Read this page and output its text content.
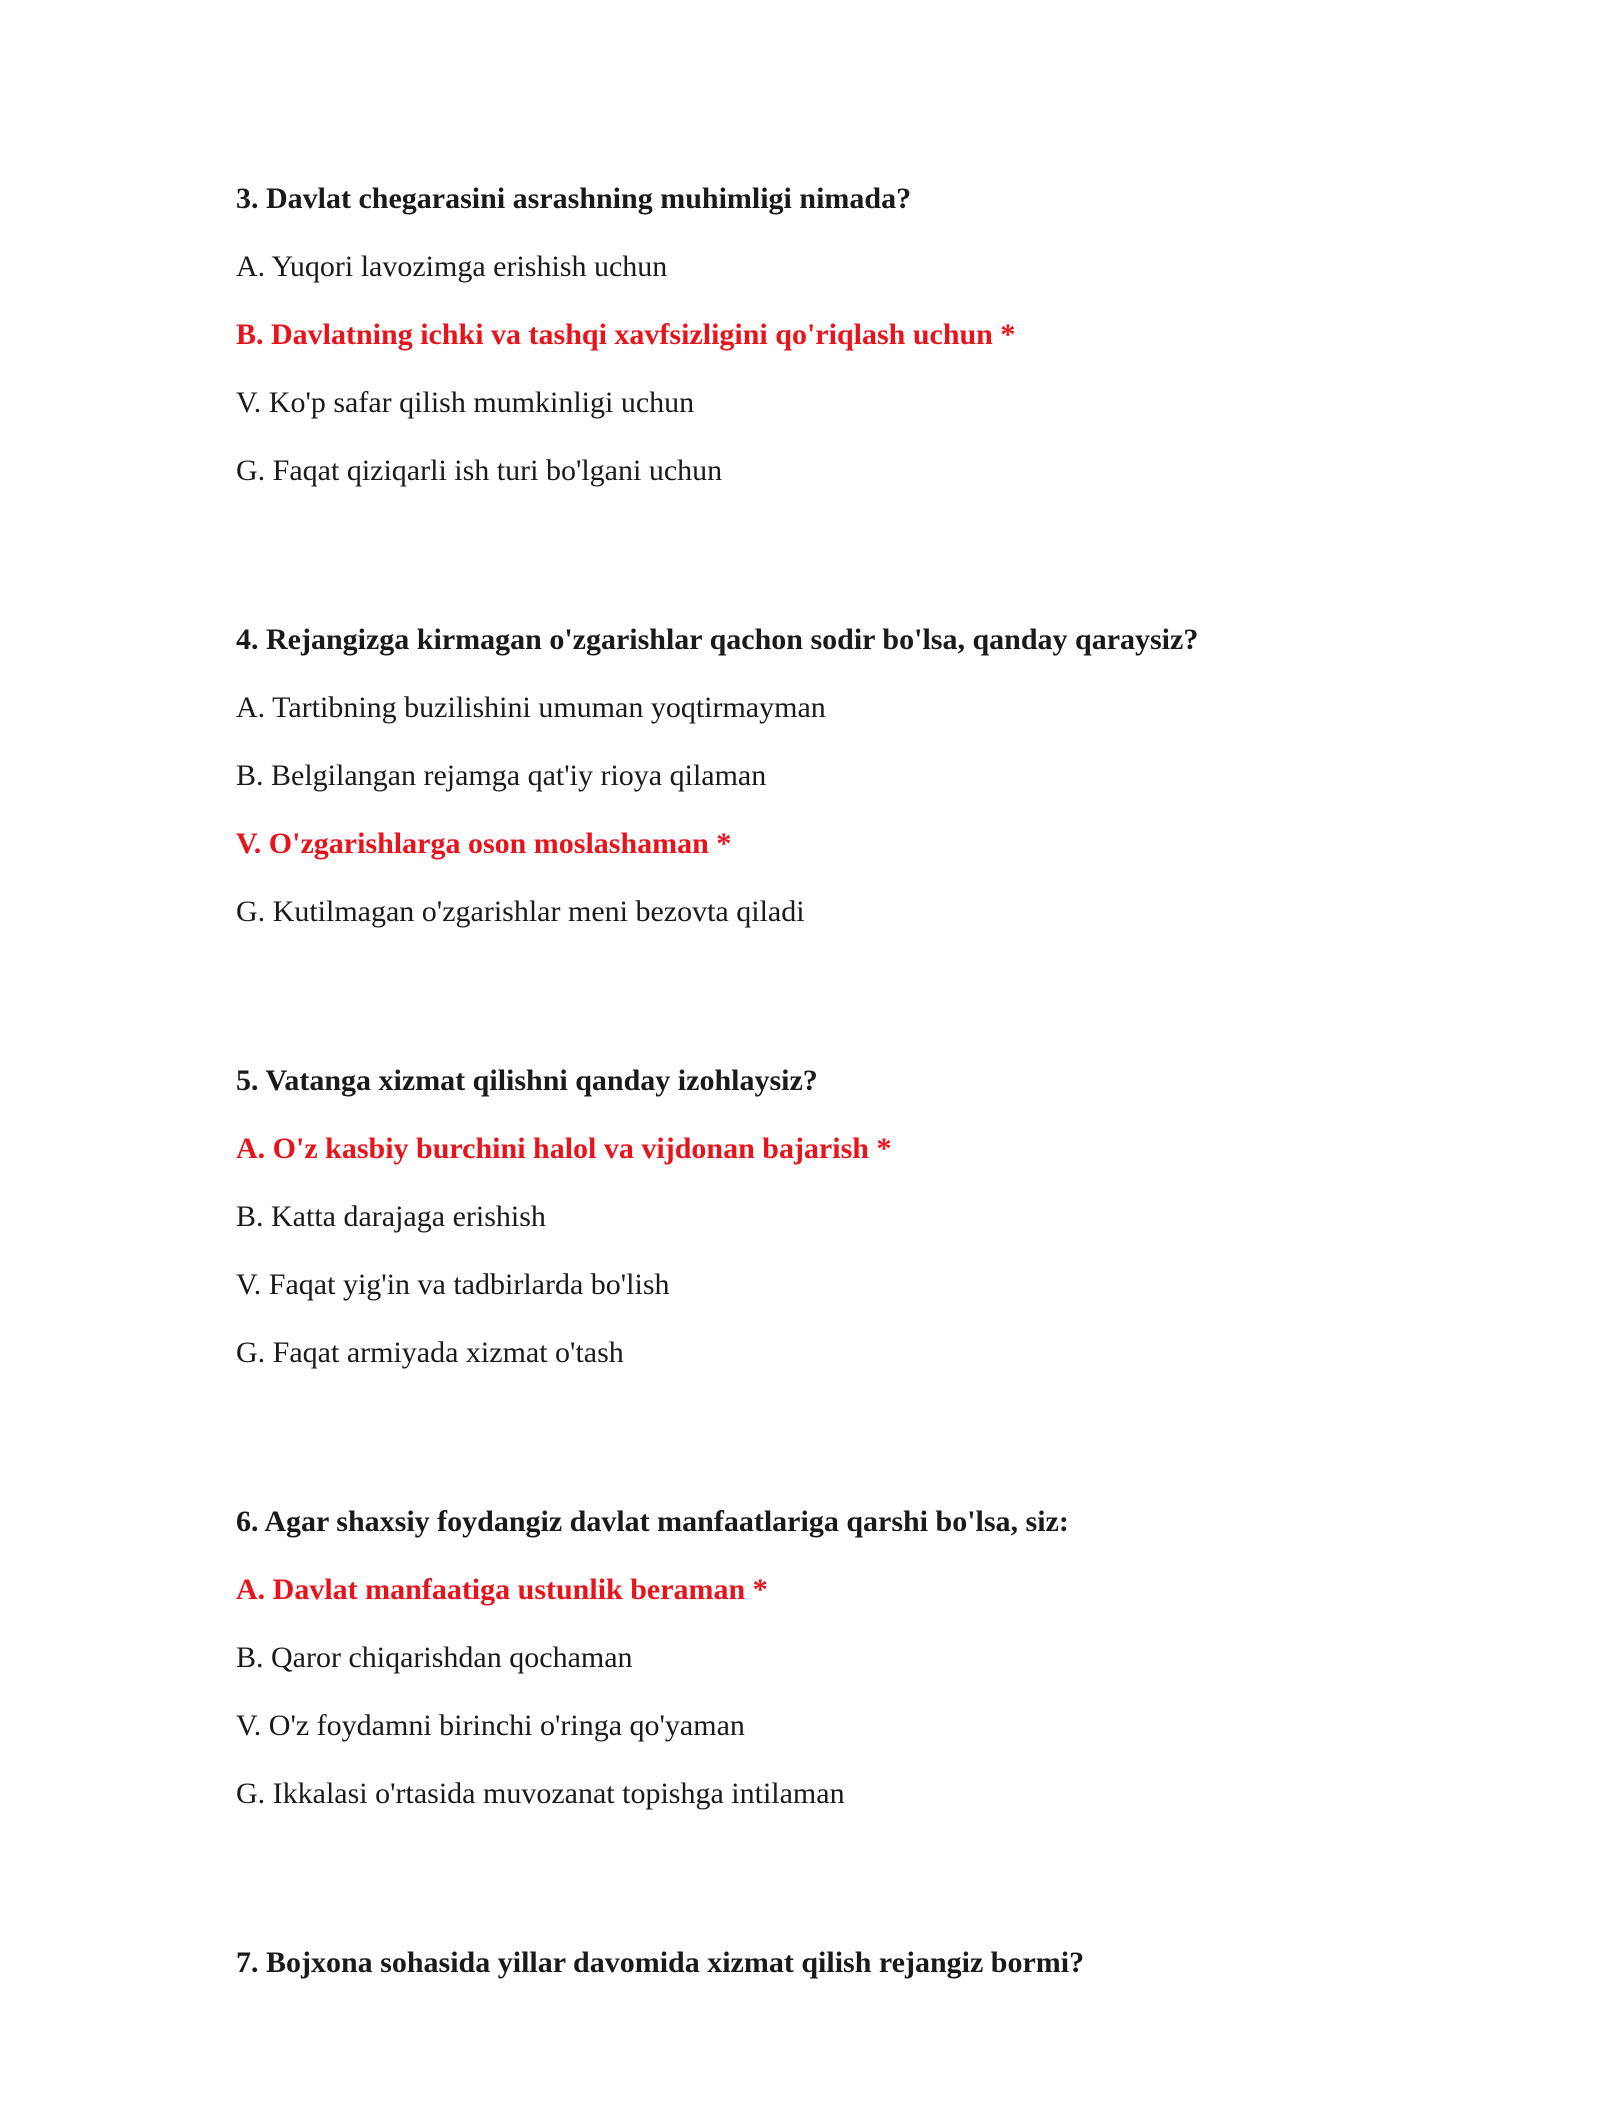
3. Davlat chegarasini asrashning muhimligi nimada?
A. Yuqori lavozimga erishish uchun
B. Davlatning ichki va tashqi xavfsizligini qo'riqlash uchun *
V. Ko'p safar qilish mumkinligi uchun
G. Faqat qiziqarli ish turi bo'lgani uchun
4. Rejangizga kirmagan o'zgarishlar qachon sodir bo'lsa, qanday qaraysiz?
A. Tartibning buzilishini umuman yoqtirmayman
B. Belgilangan rejamga qat'iy rioya qilaman
V. O'zgarishlarga oson moslashaman *
G. Kutilmagan o'zgarishlar meni bezovta qiladi
5. Vatanga xizmat qilishni qanday izohlaysiz?
A. O'z kasbiy burchini halol va vijdonan bajarish *
B. Katta darajaga erishish
V. Faqat yig'in va tadbirlarda bo'lish
G. Faqat armiyada xizmat o'tash
6. Agar shaxsiy foydangiz davlat manfaatlariga qarshi bo'lsa, siz:
A. Davlat manfaatiga ustunlik beraman *
B. Qaror chiqarishdan qochaman
V. O'z foydamni birinchi o'ringa qo'yaman
G. Ikkalasi o'rtasida muvozanat topishga intilaman
7. Bojxona sohasida yillar davomida xizmat qilish rejangiz bormi?
